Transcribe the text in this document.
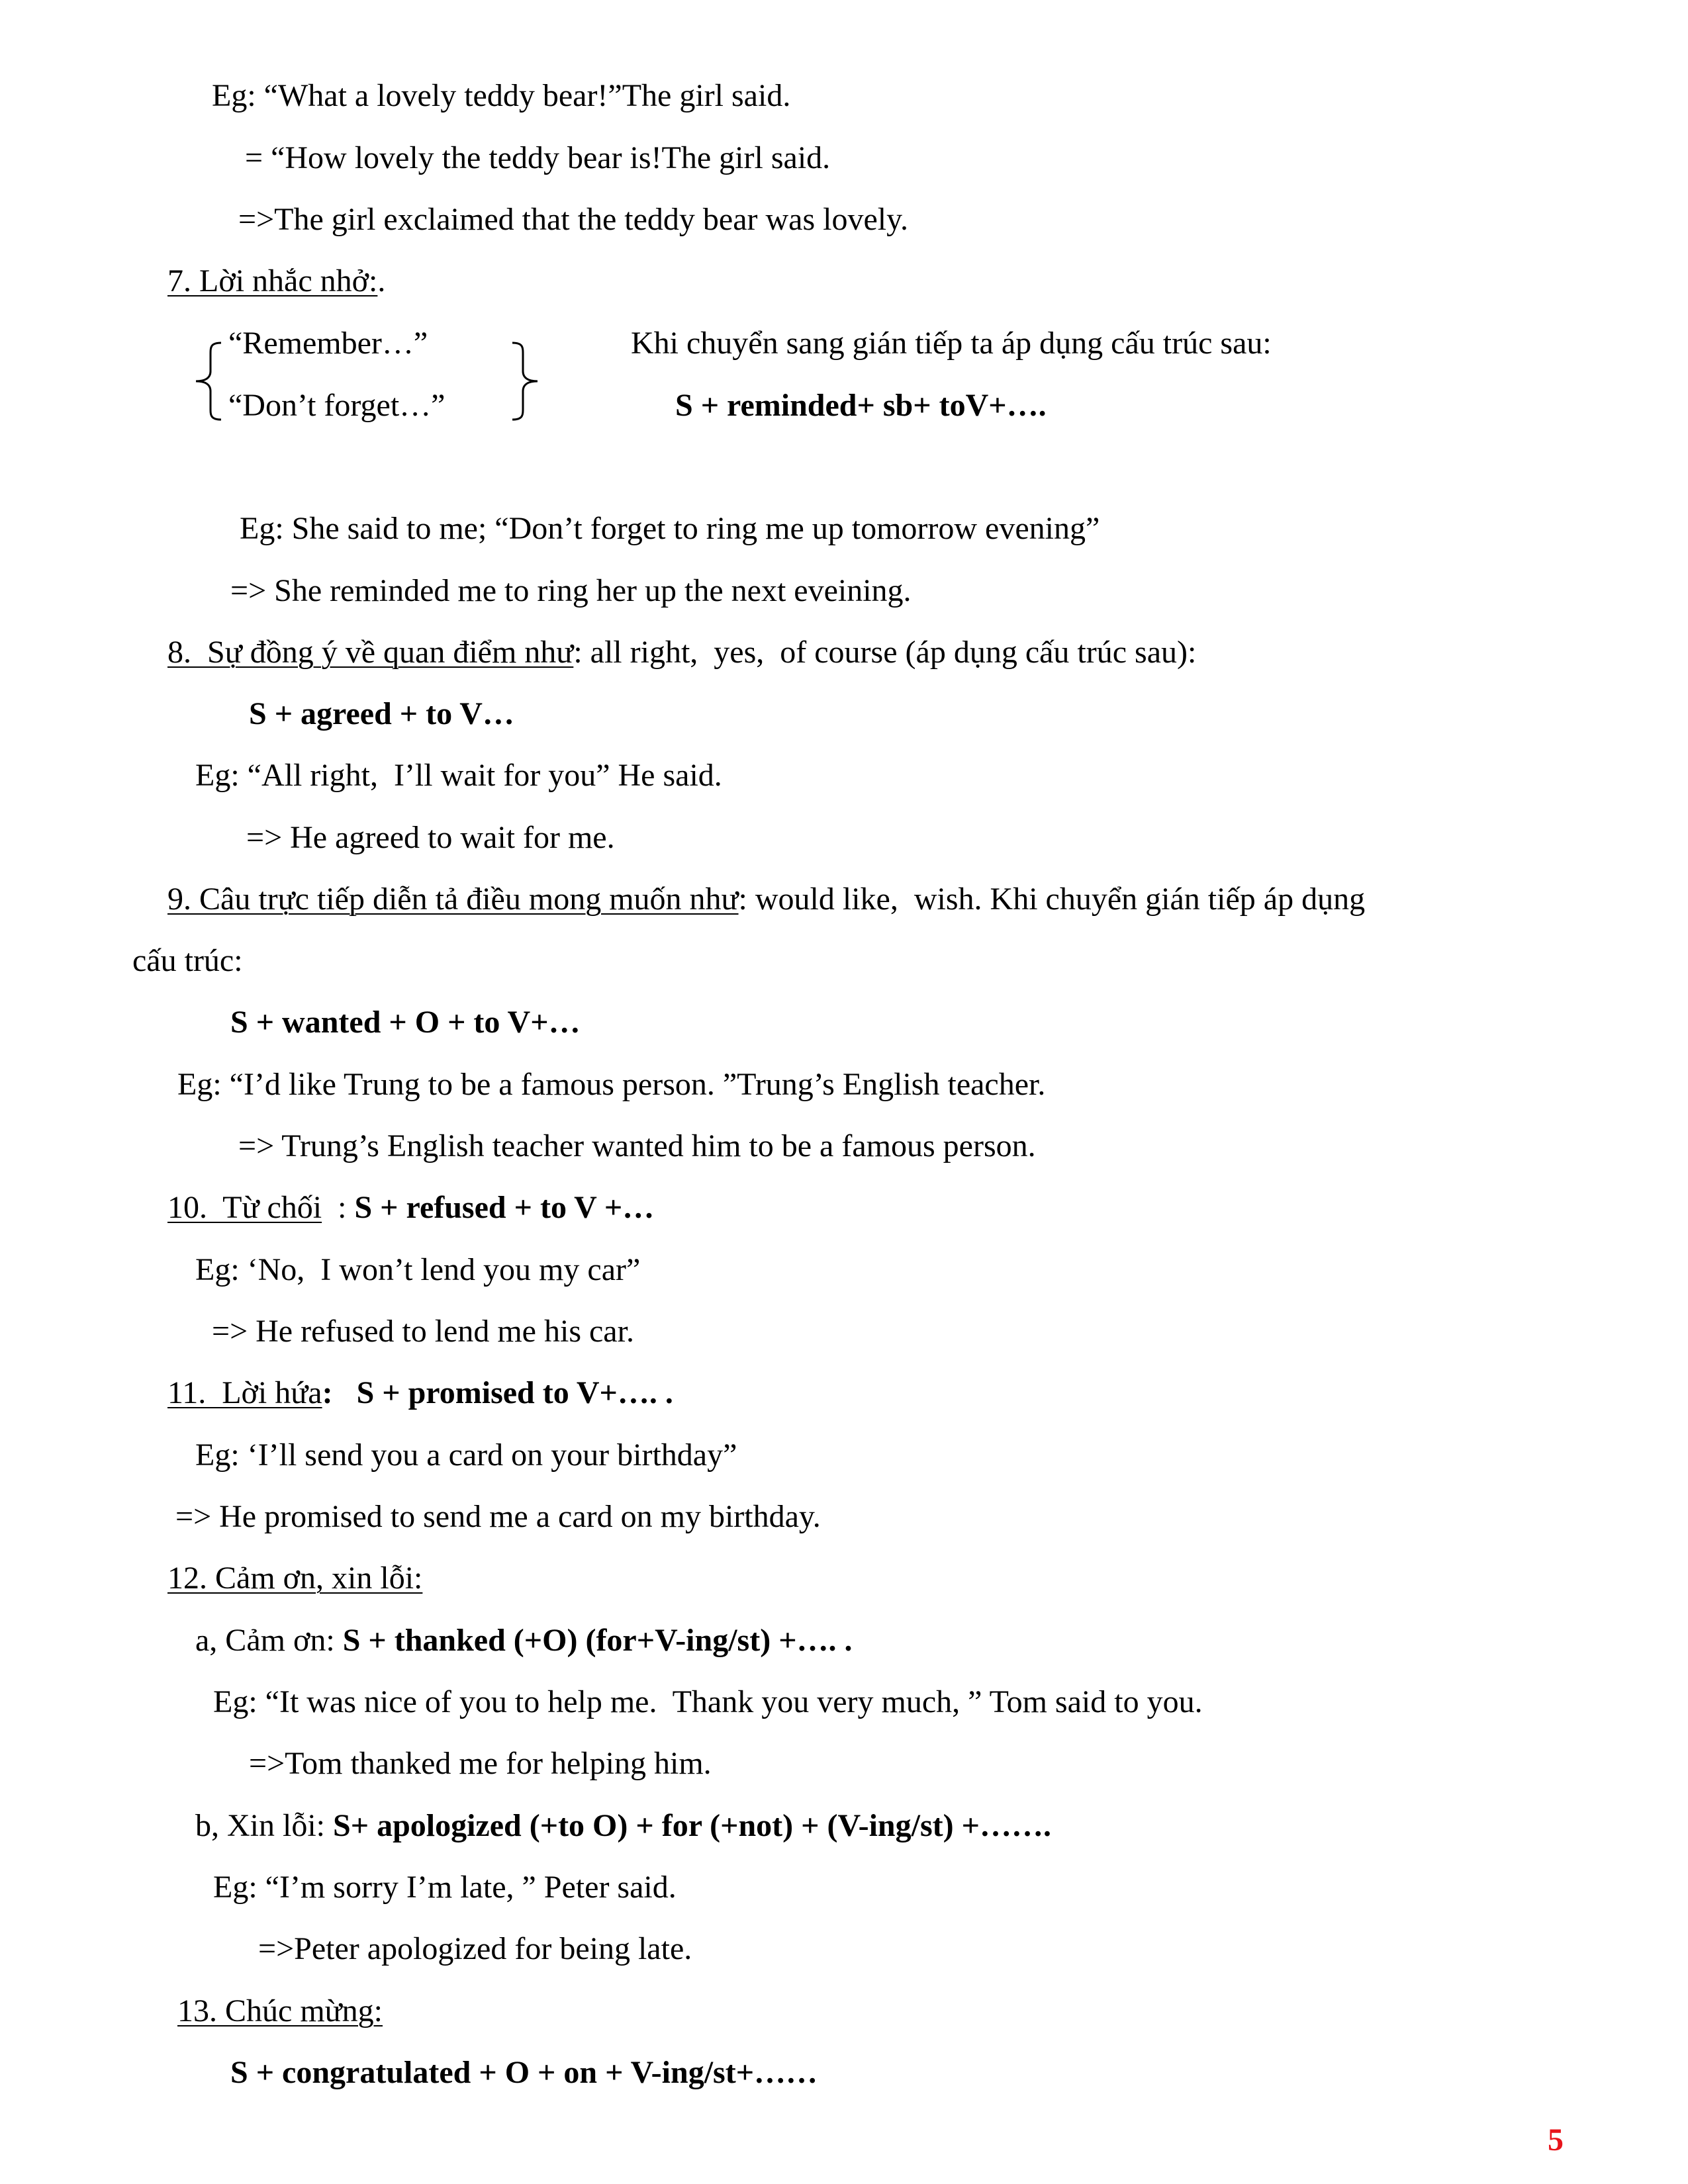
Eg: “What a lovely teddy bear!”The girl said.

= “How lovely the teddy bear is!The girl said.

=>The girl exclaimed that the teddy bear was lovely.

7. Lời nhắc nhở:.

“Remember…”

“Don’t forget…”

Khi chuyển sang gián tiếp ta áp dụng cấu trúc sau:

S + reminded+ sb+ toV+….

Eg: She said to me; “Don’t forget to ring me up tomorrow evening”

=> She reminded me to ring her up the next eveining.

8.  Sự đồng ý về quan điểm như: all right,  yes,  of course (áp dụng cấu trúc sau):

S + agreed + to V…

Eg: “All right,  I’ll wait for you” He said.

=> He agreed to wait for me.

9. Câu trực tiếp diễn tả điều mong muốn như: would like,  wish. Khi chuyển gián tiếp áp dụng

cấu trúc:

S + wanted + O + to V+…

Eg: “I’d like Trung to be a famous person. ”Trung’s English teacher.

=> Trung’s English teacher wanted him to be a famous person.

10.  Từ chối  : S + refused + to V +…

Eg: ‘No,  I won’t lend you my car”

=> He refused to lend me his car.

11.  Lời hứa:   S + promised to V+…. .

Eg: ‘I’ll send you a card on your birthday”

=> He promised to send me a card on my birthday.

12. Cảm ơn, xin lỗi:

a, Cảm ơn: S + thanked (+O) (for+V-ing/st) +…. .

Eg: “It was nice of you to help me.  Thank you very much, ” Tom said to you.

=>Tom thanked me for helping him.

b, Xin lỗi: S+ apologized (+to O) + for (+not) + (V-ing/st) +…….

Eg: “I’m sorry I’m late, ” Peter said.

=>Peter apologized for being late.

13. Chúc mừng:

S + congratulated + O + on + V-ing/st+……

5
